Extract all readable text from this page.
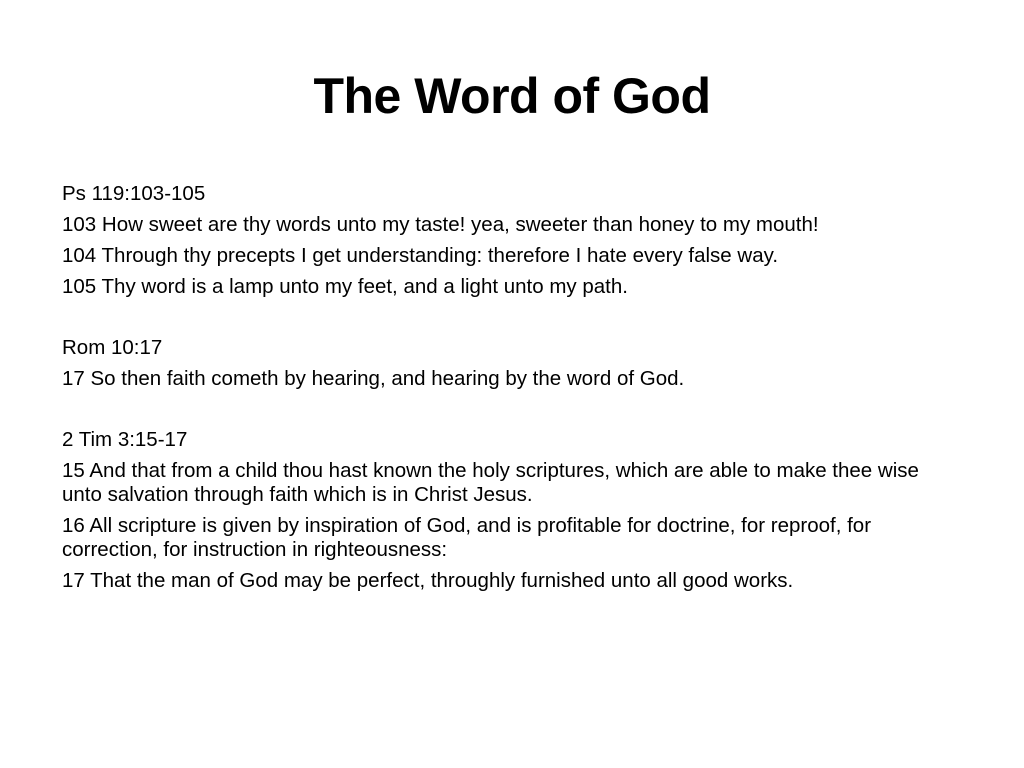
The Word of God
Ps 119:103-105
103 How sweet are thy words unto my taste! yea, sweeter than honey to my mouth!
104 Through thy precepts I get understanding: therefore I hate every false way.
105 Thy word is a lamp unto my feet, and a light unto my path.
Rom 10:17
17 So then faith cometh by hearing, and hearing by the word of God.
2 Tim 3:15-17
15 And that from a child thou hast known the holy scriptures, which are able to make thee wise unto salvation through faith which is in Christ Jesus.
16 All scripture is given by inspiration of God, and is profitable for doctrine, for reproof, for correction, for instruction in righteousness:
17 That the man of God may be perfect, throughly furnished unto all good works.
